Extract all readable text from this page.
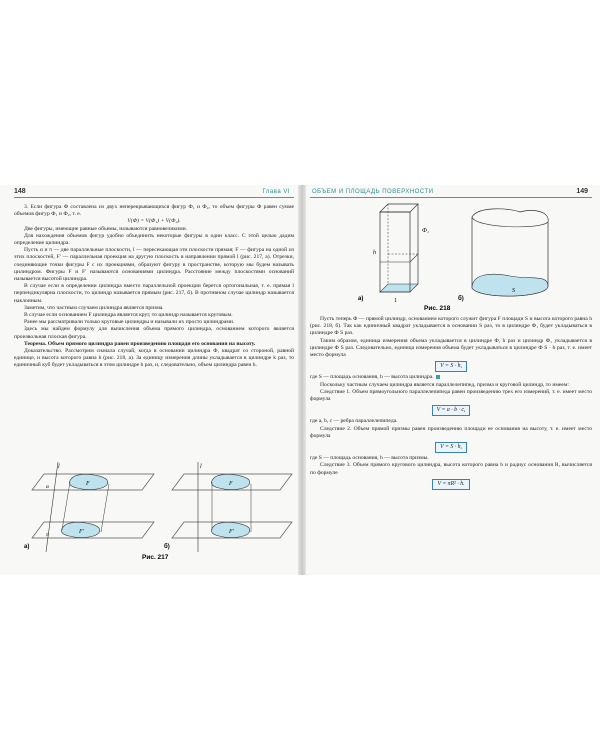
148	Глава VI

3. Если фигура Ф составлена из двух неперекрывающихся фигур Ф₁ и Ф₂, то объем фигуры Ф равен сумме объемов фигур Ф₁ и Ф₂, т. е.

V(Ф) = V(Ф₁) + V(Ф₂).

Две фигуры, имеющие равные объемы, называются равновеликими.

Для нахождения объемов фигур удобно объединить некоторые фигуры в один класс. С этой целью дадим определение цилиндра.

Пусть α и π — две параллельные плоскости, l — пересекающая эти плоскости прямая; F — фигура на одной из этих плоскостей, F′ — параллельная проекция на другую плоскость в направлении прямой l (рис. 217, а). Отрезки, соединяющие точки фигуры F с их проекциями, образуют фигуру в пространстве, которую мы будем называть цилиндром. Фигуры F и F′ называются основаниями цилиндра. Расстояние между плоскостями оснований называется высотой цилиндра.

В случае если в определении цилиндра вместо параллельной проекции берется ортогональная, т. е. прямая l перпендикулярна плоскости, то цилиндр называется прямым (рис. 217, б). В противном случае цилиндр называется наклонным.

Заметим, что частным случаем цилиндра является призма.

В случае если основанием F цилиндра является круг, то цилиндр называется круговым.

Ранее мы рассматривали только круговые цилиндры и называли их просто цилиндрами.

Здесь мы найдем формулу для вычисления объема прямого цилиндра, основанием которого является произвольная плоская фигура.

Теорема. Объем прямого цилиндра равен произведению площади его основания на высоту.

Доказательство. Рассмотрим сначала случай, когда в основании цилиндра Ф, квадрат со стороной, равной единице, и высота которого равна h (рис. 218, а). За единицу измерения длины укладывается в цилиндре k раз, то единичный куб будет укладываться в этом цилиндре h раз, и, следовательно, объем цилиндра равен h.

l
F
F′
α
π
а)
l
F
F′
б)
Рис. 217
ОБЪЕМ И ПЛОЩАДЬ ПОВЕРХНОСТИ	149
h
1
Ф₁
а)
S
б)
Рис. 218

Пусть теперь Ф — прямой цилиндр, основанием которого служит фигура F площади S и высота которого равна h (рис. 218, б). Так как единичный квадрат укладывается в основании S раз, то в цилиндре Ф₁ будет укладываться в цилиндре Ф S раз.

Таким образом, единица измерения объема укладывается в цилиндре Ф, h раз и цилиндр Ф₁ укладывается в цилиндре Ф S раз. Следовательно, единица измерения объема будет укладываться в цилиндре Ф S · h раз, т. е. имеет место формула

V = S · h,

где S — площадь основания, h — высота цилиндра.

Поскольку частным случаем цилиндра является параллелепипед, призма и круговой цилиндр, то имеем:

Следствие 1. Объем прямоугольного параллелепипеда равен произведению трех его измерений, т. е. имеет место формула

V = a · b · c,

где a, b, c — ребра параллелепипеда.

Следствие 2. Объем прямой призмы равен произведению площади ее основания на высоту, т. е. имеет место формула

V = S · h,

где S — площадь основания, h — высота призмы.

Следствие 3. Объем прямого кругового цилиндра, высота которого равна h и радиус основания R, вычисляется по формуле

V = πR² · h.
